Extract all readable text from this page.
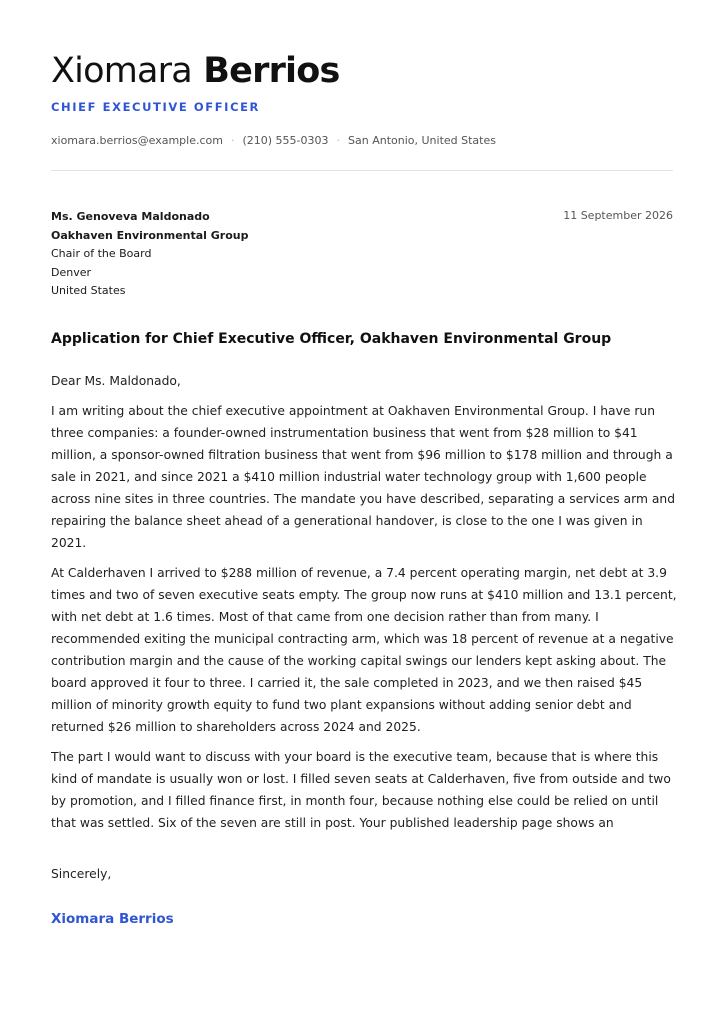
Xiomara Berrios
CHIEF EXECUTIVE OFFICER
xiomara.berrios@example.com · (210) 555-0303 · San Antonio, United States
Ms. Genoveva Maldonado
Oakhaven Environmental Group
Chair of the Board
Denver
United States
11 September 2026
Application for Chief Executive Officer, Oakhaven Environmental Group

Dear Ms. Maldonado,

I am writing about the chief executive appointment at Oakhaven Environmental Group. I have run three companies: a founder-owned instrumentation business that went from $28 million to $41 million, a sponsor-owned filtration business that went from $96 million to $178 million and through a sale in 2021, and since 2021 a $410 million industrial water technology group with 1,600 people across nine sites in three countries. The mandate you have described, separating a services arm and repairing the balance sheet ahead of a generational handover, is close to the one I was given in 2021.

At Calderhaven I arrived to $288 million of revenue, a 7.4 percent operating margin, net debt at 3.9 times and two of seven executive seats empty. The group now runs at $410 million and 13.1 percent, with net debt at 1.6 times. Most of that came from one decision rather than from many. I recommended exiting the municipal contracting arm, which was 18 percent of revenue at a negative contribution margin and the cause of the working capital swings our lenders kept asking about. The board approved it four to three. I carried it, the sale completed in 2023, and we then raised $45 million of minority growth equity to fund two plant expansions without adding senior debt and returned $26 million to shareholders across 2024 and 2025.

The part I would want to discuss with your board is the executive team, because that is where this kind of mandate is usually won or lost. I filled seven seats at Calderhaven, five from outside and two by promotion, and I filled finance first, in month four, because nothing else could be relied on until that was settled. Six of the seven are still in post. Your published leadership page shows an

Sincerely,
Xiomara Berrios
